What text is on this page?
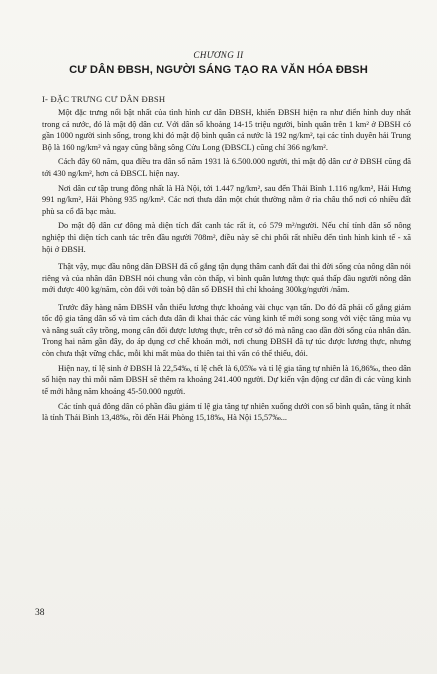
CHƯƠNG II
CƯ DÂN ĐBSH, NGƯỜI SÁNG TẠO RA VĂN HÓA ĐBSH
I- ĐẶC TRƯNG CƯ DÂN ĐBSH

Một đặc trưng nổi bật nhất của tình hình cư dân ĐBSH, khiến ĐBSH hiện ra như điển hình duy nhất trong cả nước, đó là mật độ dân cư. Với dân số khoảng 14-15 triệu người, bình quân trên 1 km² ở ĐBSH có gần 1000 người sinh sống, trong khi đó mật độ bình quân cả nước là 192 ng/km², tại các tỉnh duyên hải Trung Bộ là 160 ng/km² và ngay cũng bằng sông Cửu Long (ĐBSCL) cũng chỉ 366 ng/km².

Cách đây 60 năm, qua điều tra dân số năm 1931 là 6.500.000 người, thì mật độ dân cư ở ĐBSH cũng đã tới 430 ng/km², hơn cả ĐBSCL hiện nay.

Nơi dân cư tập trung đông nhất là Hà Nội, tới 1.447 ng/km², sau đến Thái Bình 1.116 ng/km², Hải Hưng 991 ng/km², Hải Phòng 935 ng/km². Các nơi thưa dân một chút thường nằm ở rìa châu thổ nơi có nhiều đất phù sa cổ đã bạc màu.

Do mật độ dân cư đông mà diện tích đất canh tác rất ít, có 579 m²/người. Nếu chỉ tính dân số nông nghiệp thì diện tích canh tác trên đầu người 708m², điều này sẽ chi phối rất nhiều đến tình hình kinh tế - xã hội ở ĐBSH.

Thật vậy, mục đầu nông dân ĐBSH đã cố gắng tận dụng thâm canh đất đai thì đời sống của nông dân nói riêng và của nhân dân ĐBSH nói chung vẫn còn thấp, vì bình quân lương thực quá thấp đầu người nông dân mới được 400 kg/năm, còn đối với toàn bộ dân số ĐBSH thì chỉ khoảng 300kg/người /năm.

Trước đây hàng năm ĐBSH vẫn thiếu lương thực khoảng vài chục vạn tấn. Do đó đã phải cố gắng giảm tốc độ gia tăng dân số và tìm cách đưa dân đi khai thác các vùng kinh tế mới song song với việc tăng mùa vụ và nâng suất cây trồng, mong cân đối được lương thực, trên cơ sở đó mà nâng cao dần đời sống của nhân dân. Trong hai năm gần đây, do áp dụng cơ chế khoán mới, nơi chung ĐBSH đã tự túc được lương thực, nhưng còn chưa thật vững chắc, mỗi khi mất mùa do thiên tai thì vấn có thể thiếu, đói.

Hiện nay, tỉ lệ sinh ở ĐBSH là 22,54‰, tỉ lệ chết là 6,05‰ và tỉ lệ gia tăng tự nhiên là 16,86‰, theo dân số hiện nay thì mỗi năm ĐBSH sẽ thêm ra khoảng 241.400 người. Dự kiến vận động cư dân đi các vùng kinh tế mới hằng năm khoảng 45-50.000 người.

Các tỉnh quá đông dân có phần đầu giảm tỉ lệ gia tăng tự nhiên xuống dưới con số bình quân, tăng ít nhất là tỉnh Thái Bình 13,48‰, rồi đến Hải Phòng 15,18‰, Hà Nội 15,57‰...

38
